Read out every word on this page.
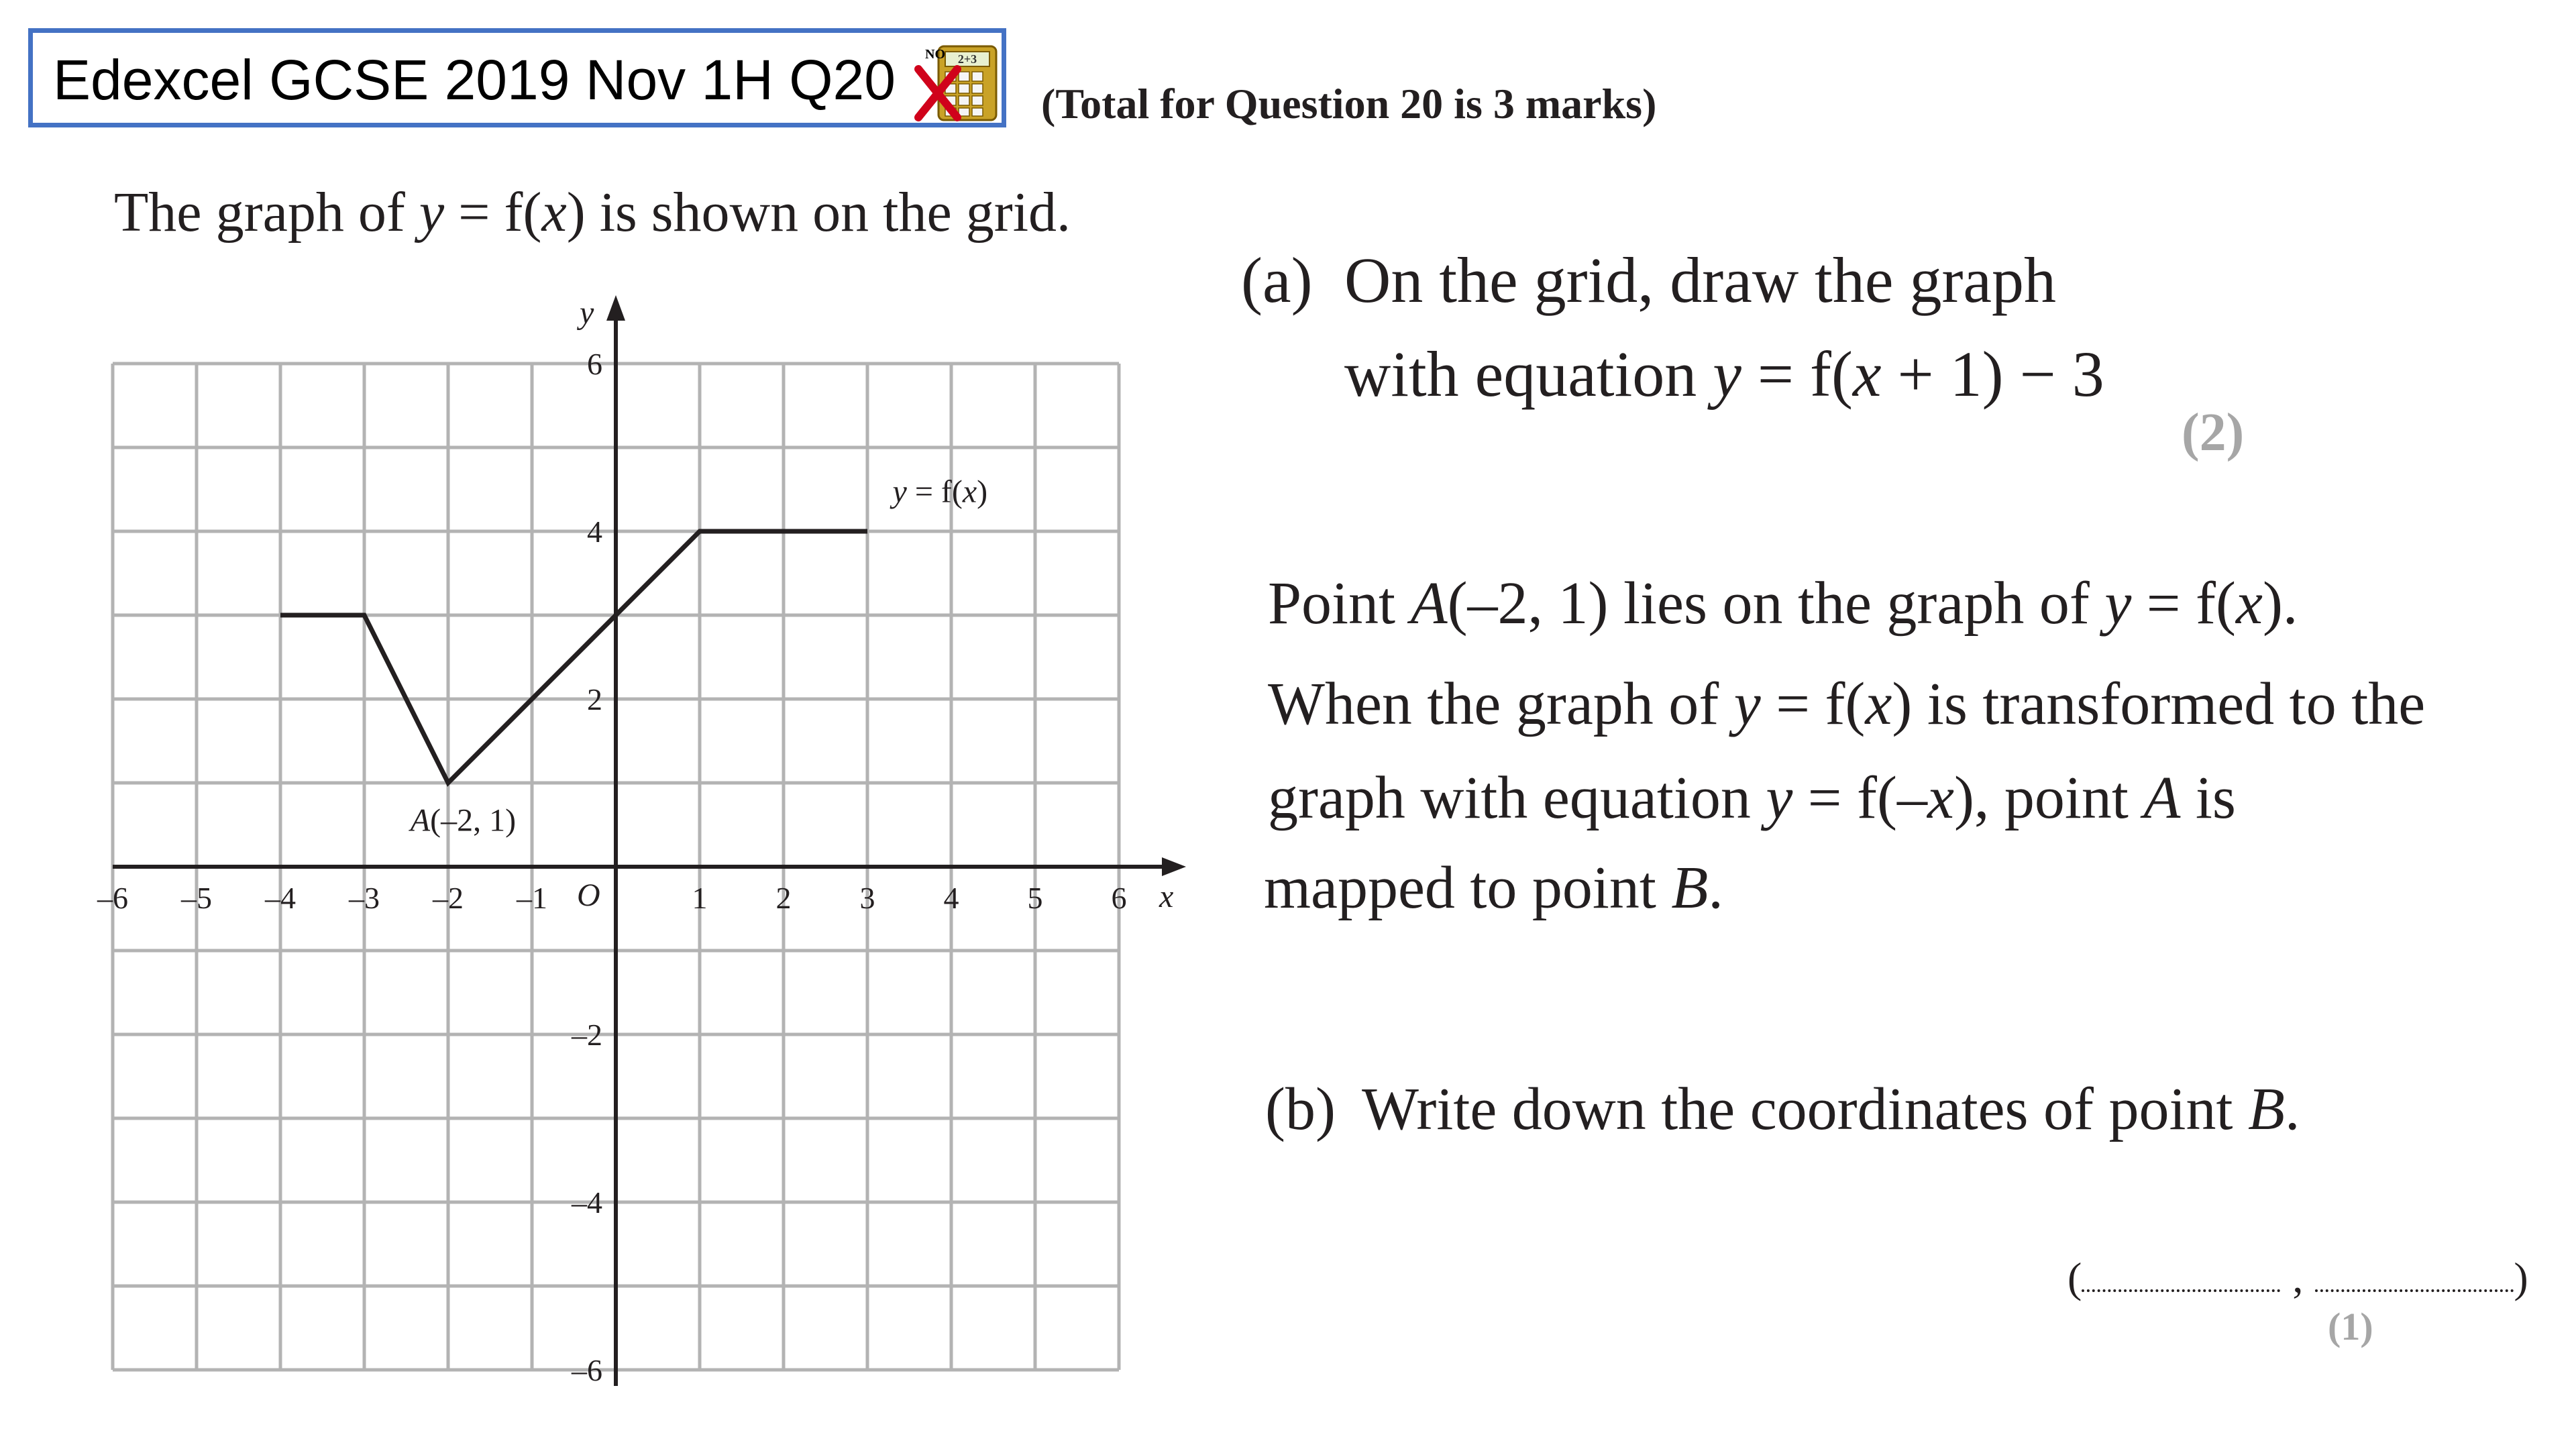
Edexcel GCSE 2019 Nov 1H Q20	2+3
NO
(Total for Question 20 is 3 marks)
The graph of y = f(x) is shown on the grid.
–6 –5 –4 –3 –2 –1	1 2 3 4 5 6
6
4
2
–2
–4
–6
x
y
O
y = f(x)
A(–2, 1)
(a) On the grid, draw the graph
with equation y = f(x + 1) − 3
(2)
Point A(–2, 1) lies on the graph of y = f(x).
When the graph of y = f(x) is transformed to the
graph with equation y = f(–x), point A is
mapped to point B.
(b) Write down the coordinates of point B.
(	,	)
(1)
